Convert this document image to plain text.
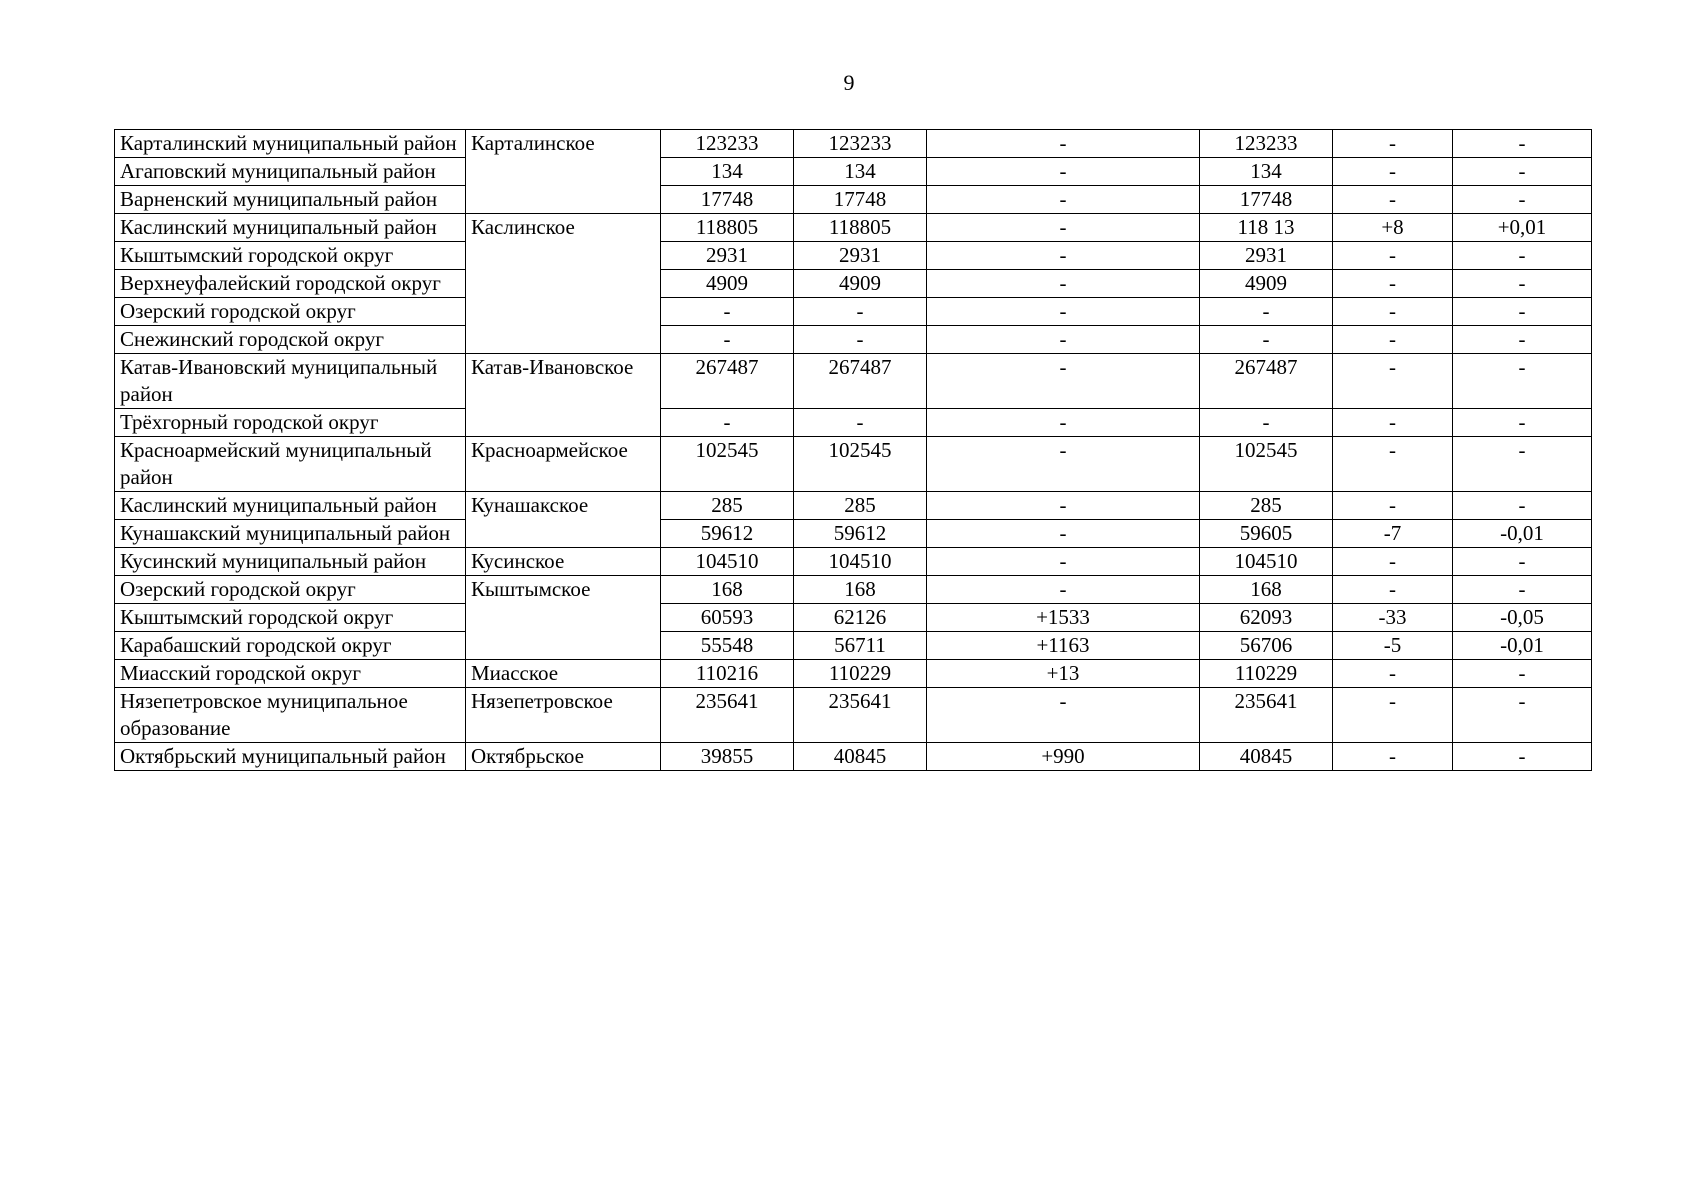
9
Карталинский муниципальный район	Карталинское	123233	123233	-	123233	-	-
Агаповский муниципальный район		134	134	-	134	-	-
Варненский муниципальный район		17748	17748	-	17748	-	-
Каслинский муниципальный район	Каслинское	118805	118805	-	118 13	+8	+0,01
Кыштымский городской округ		2931	2931	-	2931	-	-
Верхнеуфалейский городской округ		4909	4909	-	4909	-	-
Озерский городской округ		-	-	-	-	-	-
Снежинский городской округ		-	-	-	-	-	-
Катав-Ивановский муниципальный район	Катав-Ивановское	267487	267487	-	267487	-	-
Трёхгорный городской округ		-	-	-	-	-	-
Красноармейский муниципальный район	Красноармейское	102545	102545	-	102545	-	-
Каслинский муниципальный район	Кунашакское	285	285	-	285	-	-
Кунашакский муниципальный район		59612	59612	-	59605	-7	-0,01
Кусинский муниципальный район	Кусинское	104510	104510	-	104510	-	-
Озерский городской округ	Кыштымское	168	168	-	168	-	-
Кыштымский городской округ		60593	62126	+1533	62093	-33	-0,05
Карабашский городской округ		55548	56711	+1163	56706	-5	-0,01
Миасский городской округ	Миасское	110216	110229	+13	110229	-	-
Нязепетровское муниципальное образование	Нязепетровское	235641	235641	-	235641	-	-
Октябрьский муниципальный район	Октябрьское	39855	40845	+990	40845	-	-
